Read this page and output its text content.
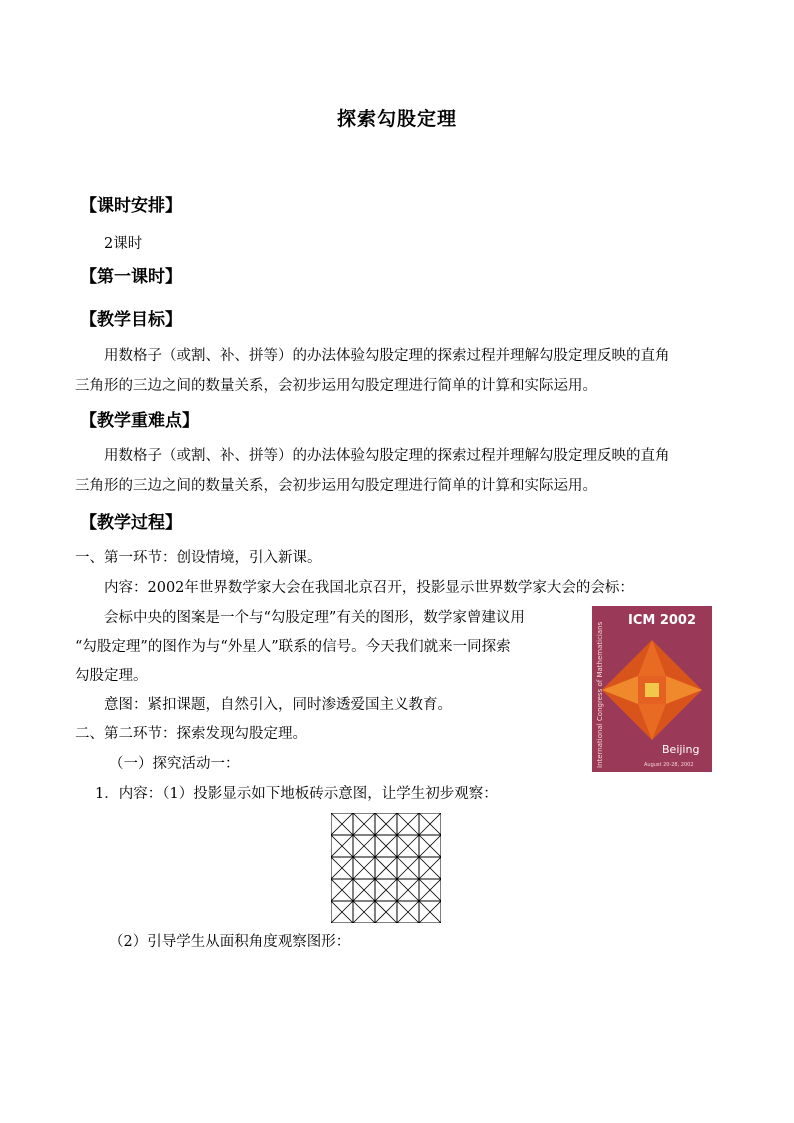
探索勾股定理
【课时安排】
2课时
【第一课时】
【教学目标】
用数格子（或割、补、拼等）的办法体验勾股定理的探索过程并理解勾股定理反映的直角
三角形的三边之间的数量关系，会初步运用勾股定理进行简单的计算和实际运用。
【教学重难点】
用数格子（或割、补、拼等）的办法体验勾股定理的探索过程并理解勾股定理反映的直角
三角形的三边之间的数量关系，会初步运用勾股定理进行简单的计算和实际运用。
【教学过程】
一、第一环节：创设情境，引入新课。
内容：2002年世界数学家大会在我国北京召开，投影显示世界数学家大会的会标：
会标中央的图案是一个与“勾股定理”有关的图形，数学家曾建议用
“勾股定理”的图作为与“外星人”联系的信号。今天我们就来一同探索
勾股定理。
意图：紧扣课题，自然引入，同时渗透爱国主义教育。
二、第二环节：探索发现勾股定理。
（一）探究活动一：
1．内容：（1）投影显示如下地板砖示意图，让学生初步观察：
（2）引导学生从面积角度观察图形：
ICM 2002
International Congress of Mathematicians	Beijing
August 20-28, 2002
